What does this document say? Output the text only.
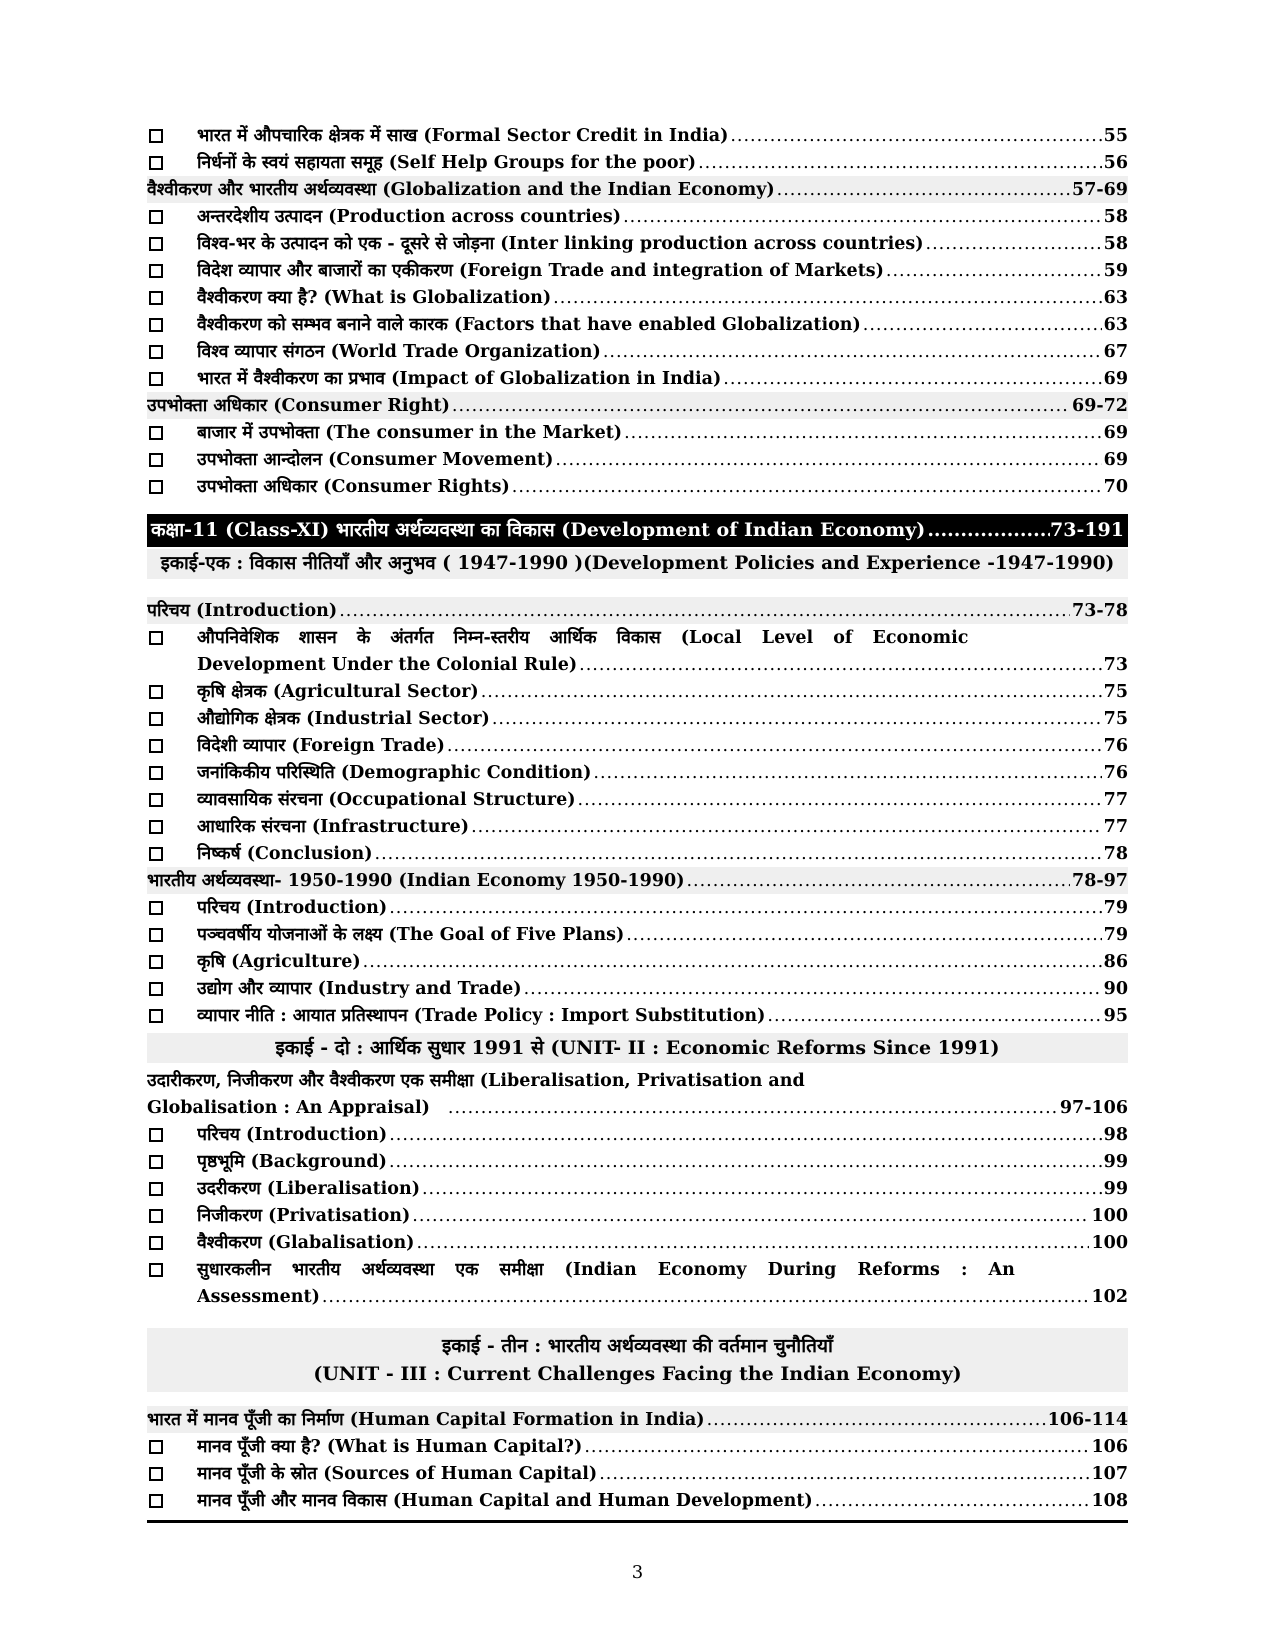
भारत में औपचारिक क्षेत्रक में साख (Formal Sector Credit in India) .....	55
निर्धनों के स्वयं सहायता समूह (Self Help Groups for the poor) .....	56
वैश्वीकरण और भारतीय अर्थव्यवस्था (Globalization and the Indian Economy) .....	57-69
अन्तरदेशीय उत्पादन (Production across countries) .....	58
विश्व-भर के उत्पादन को एक - दूसरे से जोड़ना (Inter linking production across countries) .....	58
विदेश व्यापार और बाजारों का एकीकरण (Foreign Trade and integration of Markets) .....	59
वैश्वीकरण क्या है? (What is Globalization) .....	63
वैश्वीकरण को सम्भव बनाने वाले कारक (Factors that have enabled Globalization) .....	63
विश्व व्यापार संगठन (World Trade Organization) .....	67
भारत में वैश्वीकरण का प्रभाव (Impact of Globalization in India) .....	69
उपभोक्ता अधिकार (Consumer Right) .....	69-72
बाजार में उपभोक्ता (The consumer in the Market) .....	69
उपभोक्ता आन्दोलन (Consumer Movement) .....	69
उपभोक्ता अधिकार (Consumer Rights) .....	70
कक्षा-11 (Class-XI) भारतीय अर्थव्यवस्था का विकास (Development of Indian Economy) .....	73-191
इकाई-एक : विकास नीतियाँ और अनुभव ( 1947-1990 )(Development Policies and Experience -1947-1990)
परिचय (Introduction) .....	73-78
औपनिवेशिक शासन के अंतर्गत निम्न-स्तरीय आर्थिक विकास (Local Level of Economic
Development Under the Colonial Rule) .....	73
कृषि क्षेत्रक (Agricultural Sector) .....	75
औद्योगिक क्षेत्रक (Industrial Sector) .....	75
विदेशी व्यापार (Foreign Trade) .....	76
जनांकिकीय परिस्थिति (Demographic Condition) .....	76
व्यावसायिक संरचना (Occupational Structure) .....	77
आधारिक संरचना (Infrastructure) .....	77
निष्कर्ष (Conclusion) .....	78
भारतीय अर्थव्यवस्था- 1950-1990 (Indian Economy 1950-1990) .....	78-97
परिचय (Introduction) .....	79
पञ्चवर्षीय योजनाओं के लक्ष्य (The Goal of Five Plans) .....	79
कृषि (Agriculture) .....	86
उद्योग और व्यापार (Industry and Trade) .....	90
व्यापार नीति : आयात प्रतिस्थापन (Trade Policy : Import Substitution) .....	95
इकाई - दो : आर्थिक सुधार 1991 से (UNIT- II : Economic Reforms Since 1991)
उदारीकरण, निजीकरण और वैश्वीकरण एक समीक्षा (Liberalisation, Privatisation and
Globalisation : An Appraisal) .....	97-106
परिचय (Introduction) .....	98
पृष्ठभूमि (Background) .....	99
उदरीकरण (Liberalisation) .....	99
निजीकरण (Privatisation) .....	100
वैश्वीकरण (Glabalisation) .....	100
सुधारकलीन भारतीय अर्थव्यवस्था एक समीक्षा (Indian Economy During Reforms : An
Assessment) .....	102
इकाई - तीन : भारतीय अर्थव्यवस्था की वर्तमान चुनौतियाँ
(UNIT - III : Current Challenges Facing the Indian Economy)
भारत में मानव पूँजी का निर्माण (Human Capital Formation in India) .....	106-114
मानव पूँजी क्या है? (What is Human Capital?) .....	106
मानव पूँजी के स्रोत (Sources of Human Capital) .....	107
मानव पूँजी और मानव विकास (Human Capital and Human Development) .....	108
3
